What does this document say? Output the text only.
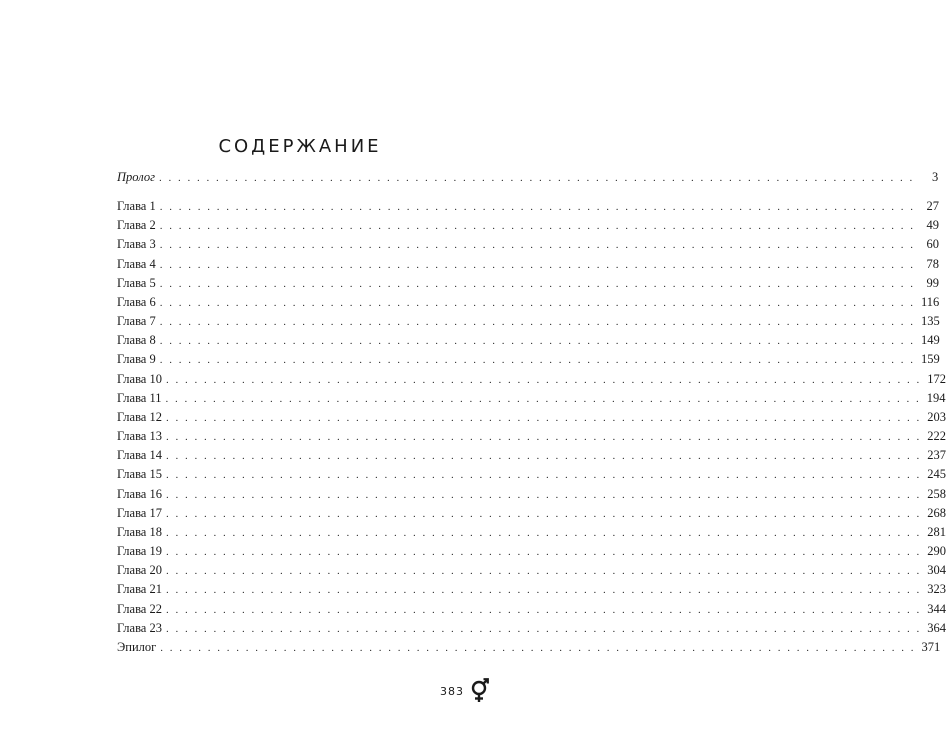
СОДЕРЖАНИЕ
Пролог . . . . . . . . . . . . . . . . . . . . . . . . . . . . . . . . . . . . . . . . . . . . . . . . . . . . . . . . . . . . . . . . . . . . . . . . . . . . . . . .	3
Глава 1 . . . . . . . . . . . . . . . . . . . . . . . . . . . . . . . . . . . . . . . . . . . . . . . . . . . . . . . . . . . . . . . . . . . . . . . . . . . . . . . . 27
Глава 2 . . . . . . . . . . . . . . . . . . . . . . . . . . . . . . . . . . . . . . . . . . . . . . . . . . . . . . . . . . . . . . . . . . . . . . . . . . . . . . . . 49
Глава 3 . . . . . . . . . . . . . . . . . . . . . . . . . . . . . . . . . . . . . . . . . . . . . . . . . . . . . . . . . . . . . . . . . . . . . . . . . . . . . . . . 60
Глава 4 . . . . . . . . . . . . . . . . . . . . . . . . . . . . . . . . . . . . . . . . . . . . . . . . . . . . . . . . . . . . . . . . . . . . . . . . . . . . . . . . 78
Глава 5 . . . . . . . . . . . . . . . . . . . . . . . . . . . . . . . . . . . . . . . . . . . . . . . . . . . . . . . . . . . . . . . . . . . . . . . . . . . . . . . . 99
Глава 6 . . . . . . . . . . . . . . . . . . . . . . . . . . . . . . . . . . . . . . . . . . . . . . . . . . . . . . . . . . . . . . . . . . . . . . . . . . . . . . . . 116
Глава 7 . . . . . . . . . . . . . . . . . . . . . . . . . . . . . . . . . . . . . . . . . . . . . . . . . . . . . . . . . . . . . . . . . . . . . . . . . . . . . . . . 135
Глава 8 . . . . . . . . . . . . . . . . . . . . . . . . . . . . . . . . . . . . . . . . . . . . . . . . . . . . . . . . . . . . . . . . . . . . . . . . . . . . . . . . 149
Глава 9 . . . . . . . . . . . . . . . . . . . . . . . . . . . . . . . . . . . . . . . . . . . . . . . . . . . . . . . . . . . . . . . . . . . . . . . . . . . . . . . . 159
Глава 10 . . . . . . . . . . . . . . . . . . . . . . . . . . . . . . . . . . . . . . . . . . . . . . . . . . . . . . . . . . . . . . . . . . . . . . . . . . . . . . . . 172
Глава 11 . . . . . . . . . . . . . . . . . . . . . . . . . . . . . . . . . . . . . . . . . . . . . . . . . . . . . . . . . . . . . . . . . . . . . . . . . . . . . . . . 194
Глава 12 . . . . . . . . . . . . . . . . . . . . . . . . . . . . . . . . . . . . . . . . . . . . . . . . . . . . . . . . . . . . . . . . . . . . . . . . . . . . . . . . 203
Глава 13 . . . . . . . . . . . . . . . . . . . . . . . . . . . . . . . . . . . . . . . . . . . . . . . . . . . . . . . . . . . . . . . . . . . . . . . . . . . . . . . . 222
Глава 14 . . . . . . . . . . . . . . . . . . . . . . . . . . . . . . . . . . . . . . . . . . . . . . . . . . . . . . . . . . . . . . . . . . . . . . . . . . . . . . . . 237
Глава 15 . . . . . . . . . . . . . . . . . . . . . . . . . . . . . . . . . . . . . . . . . . . . . . . . . . . . . . . . . . . . . . . . . . . . . . . . . . . . . . . . 245
Глава 16 . . . . . . . . . . . . . . . . . . . . . . . . . . . . . . . . . . . . . . . . . . . . . . . . . . . . . . . . . . . . . . . . . . . . . . . . . . . . . . . . 258
Глава 17 . . . . . . . . . . . . . . . . . . . . . . . . . . . . . . . . . . . . . . . . . . . . . . . . . . . . . . . . . . . . . . . . . . . . . . . . . . . . . . . . 268
Глава 18 . . . . . . . . . . . . . . . . . . . . . . . . . . . . . . . . . . . . . . . . . . . . . . . . . . . . . . . . . . . . . . . . . . . . . . . . . . . . . . . . 281
Глава 19 . . . . . . . . . . . . . . . . . . . . . . . . . . . . . . . . . . . . . . . . . . . . . . . . . . . . . . . . . . . . . . . . . . . . . . . . . . . . . . . . 290
Глава 20 . . . . . . . . . . . . . . . . . . . . . . . . . . . . . . . . . . . . . . . . . . . . . . . . . . . . . . . . . . . . . . . . . . . . . . . . . . . . . . . . 304
Глава 21 . . . . . . . . . . . . . . . . . . . . . . . . . . . . . . . . . . . . . . . . . . . . . . . . . . . . . . . . . . . . . . . . . . . . . . . . . . . . . . . . 323
Глава 22 . . . . . . . . . . . . . . . . . . . . . . . . . . . . . . . . . . . . . . . . . . . . . . . . . . . . . . . . . . . . . . . . . . . . . . . . . . . . . . . . 344
Глава 23 . . . . . . . . . . . . . . . . . . . . . . . . . . . . . . . . . . . . . . . . . . . . . . . . . . . . . . . . . . . . . . . . . . . . . . . . . . . . . . . . 364
Эпилог . . . . . . . . . . . . . . . . . . . . . . . . . . . . . . . . . . . . . . . . . . . . . . . . . . . . . . . . . . . . . . . . . . . . . . . . . . . . . . . . 371
383
